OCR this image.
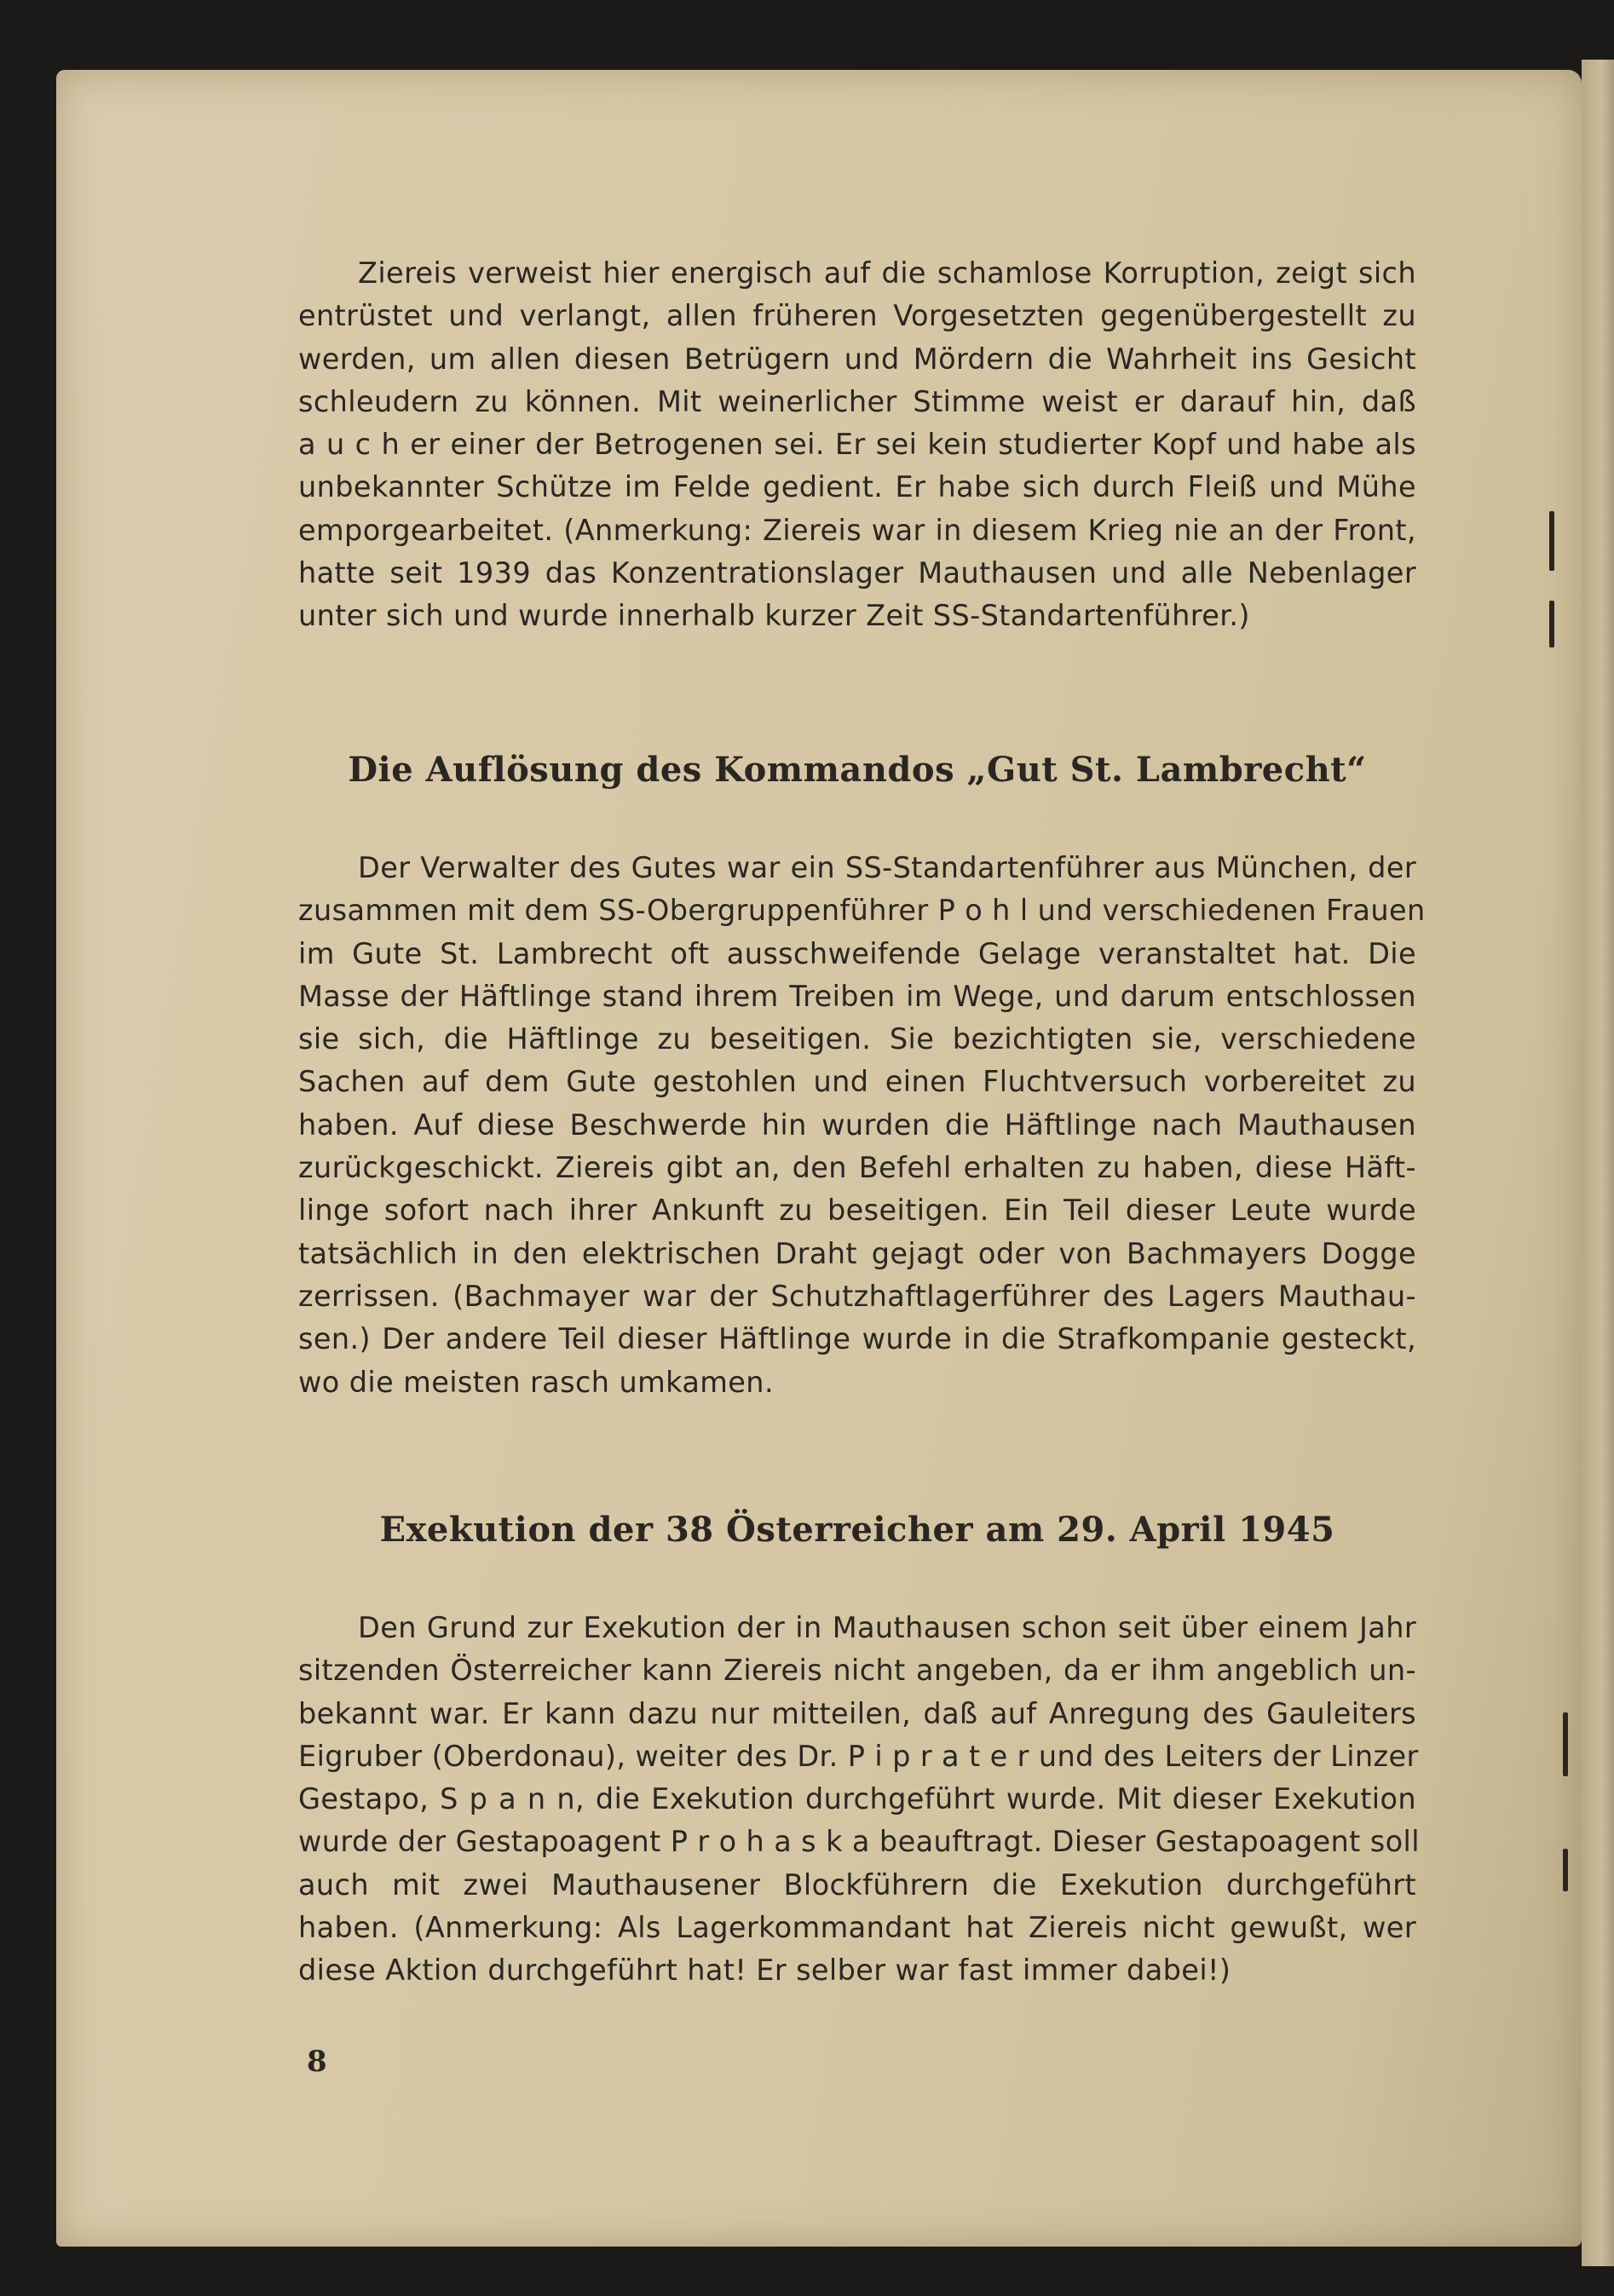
Ziereis verweist hier energisch auf die schamlose Korruption, zeigt sich
entrüstet und verlangt, allen früheren Vorgesetzten gegenübergestellt zu
werden, um allen diesen Betrügern und Mördern die Wahrheit ins Gesicht
schleudern zu können. Mit weinerlicher Stimme weist er darauf hin, daß
a u c h er einer der Betrogenen sei. Er sei kein studierter Kopf und habe als
unbekannter Schütze im Felde gedient. Er habe sich durch Fleiß und Mühe
emporgearbeitet. (Anmerkung: Ziereis war in diesem Krieg nie an der Front,
hatte seit 1939 das Konzentrationslager Mauthausen und alle Nebenlager
unter sich und wurde innerhalb kurzer Zeit SS-Standartenführer.)
Die Auflösung des Kommandos „Gut St. Lambrecht“
Der Verwalter des Gutes war ein SS-Standartenführer aus München, der
zusammen mit dem SS-Obergruppenführer P o h l und verschiedenen Frauen
im Gute St. Lambrecht oft ausschweifende Gelage veranstaltet hat. Die
Masse der Häftlinge stand ihrem Treiben im Wege, und darum entschlossen
sie sich, die Häftlinge zu beseitigen. Sie bezichtigten sie, verschiedene
Sachen auf dem Gute gestohlen und einen Fluchtversuch vorbereitet zu
haben. Auf diese Beschwerde hin wurden die Häftlinge nach Mauthausen
zurückgeschickt. Ziereis gibt an, den Befehl erhalten zu haben, diese Häft-
linge sofort nach ihrer Ankunft zu beseitigen. Ein Teil dieser Leute wurde
tatsächlich in den elektrischen Draht gejagt oder von Bachmayers Dogge
zerrissen. (Bachmayer war der Schutzhaftlagerführer des Lagers Mauthau-
sen.) Der andere Teil dieser Häftlinge wurde in die Strafkompanie gesteckt,
wo die meisten rasch umkamen.
Exekution der 38 Österreicher am 29. April 1945
Den Grund zur Exekution der in Mauthausen schon seit über einem Jahr
sitzenden Österreicher kann Ziereis nicht angeben, da er ihm angeblich un-
bekannt war. Er kann dazu nur mitteilen, daß auf Anregung des Gauleiters
Eigruber (Oberdonau), weiter des Dr. P i p r a t e r und des Leiters der Linzer
Gestapo, S p a n n, die Exekution durchgeführt wurde. Mit dieser Exekution
wurde der Gestapoagent P r o h a s k a beauftragt. Dieser Gestapoagent soll
auch mit zwei Mauthausener Blockführern die Exekution durchgeführt
haben. (Anmerkung: Als Lagerkommandant hat Ziereis nicht gewußt, wer
diese Aktion durchgeführt hat! Er selber war fast immer dabei!)
8
